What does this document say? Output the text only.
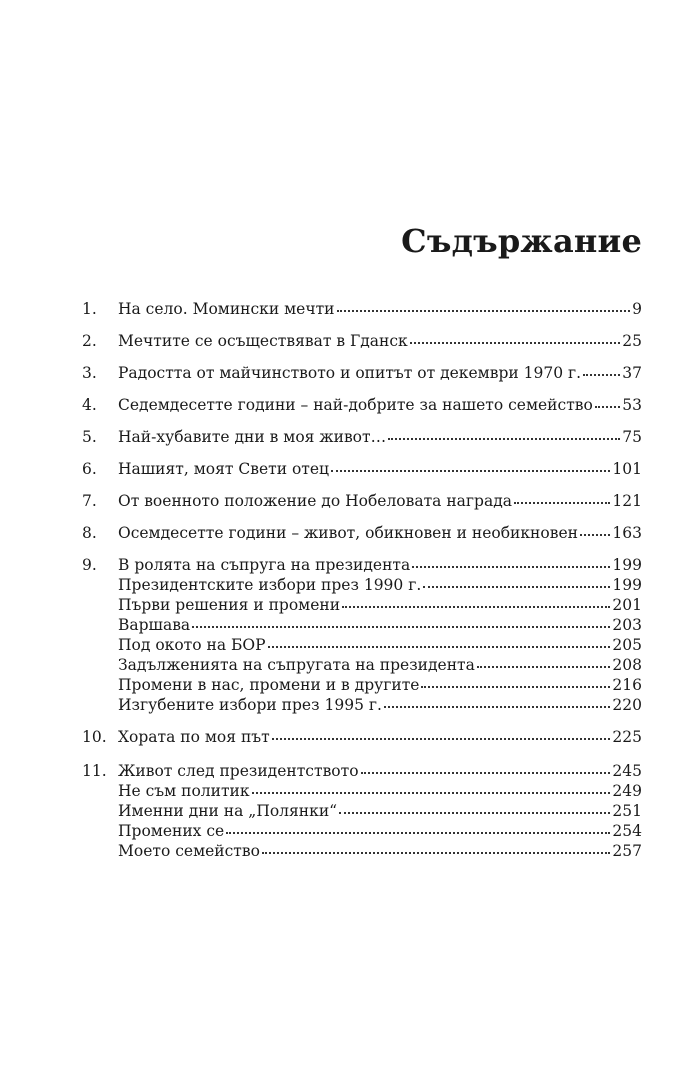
Съдържание
1.	На село. Момински мечти	9
2.	Мечтите се осъществяват в Гданск	25
3.	Радостта от майчинството и опитът от декември 1970 г.	37
4.	Седемдесетте години – най-добрите за нашето семейство 53
5.	Най-хубавите дни в моя живот…	75
6.	Нашият, моят Свети отец	101
7.	От военното положение до Нобеловата награда	121
8.	Осемдесетте години – живот, обикновен и необикновен 163
9.	В ролята на съпруга на президента	199
Президентските избори през 1990 г.	199
Първи решения и промени	201
Варшава	203
Под окото на БОР	205
Задълженията на съпругата на президента	208
Промени в нас, промени и в другите	216
Изгубените избори през 1995 г.	220
10. Хората по моя път	225
11. Живот след президентството	245
Не съм политик	249
Именни дни на „Полянки“	251
Промених се	254
Моето семейство	257
